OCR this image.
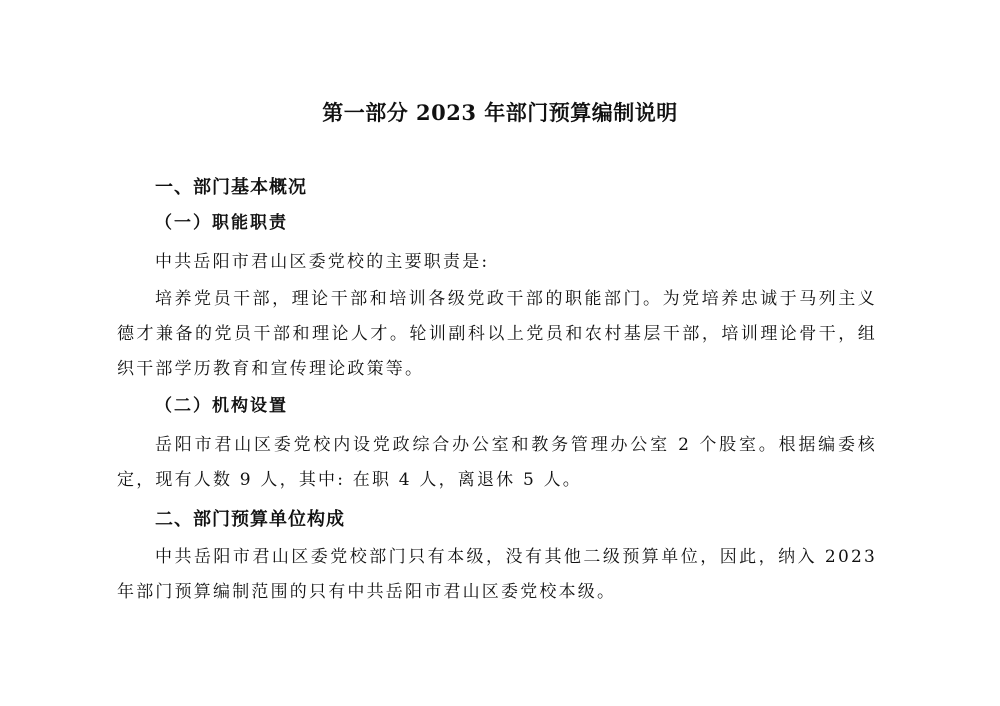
第一部分 2023 年部门预算编制说明
一、部门基本概况
（一）职能职责
中共岳阳市君山区委党校的主要职责是:
培养党员干部，理论干部和培训各级党政干部的职能部门。为党培养忠诚于马列主义德才兼备的党员干部和理论人才。轮训副科以上党员和农村基层干部，培训理论骨干，组织干部学历教育和宣传理论政策等。
（二）机构设置
岳阳市君山区委党校内设党政综合办公室和教务管理办公室 2 个股室。根据编委核定，现有人数 9 人，其中: 在职 4 人，离退休 5 人。
二、部门预算单位构成
中共岳阳市君山区委党校部门只有本级，没有其他二级预算单位，因此，纳入 2023 年部门预算编制范围的只有中共岳阳市君山区委党校本级。
